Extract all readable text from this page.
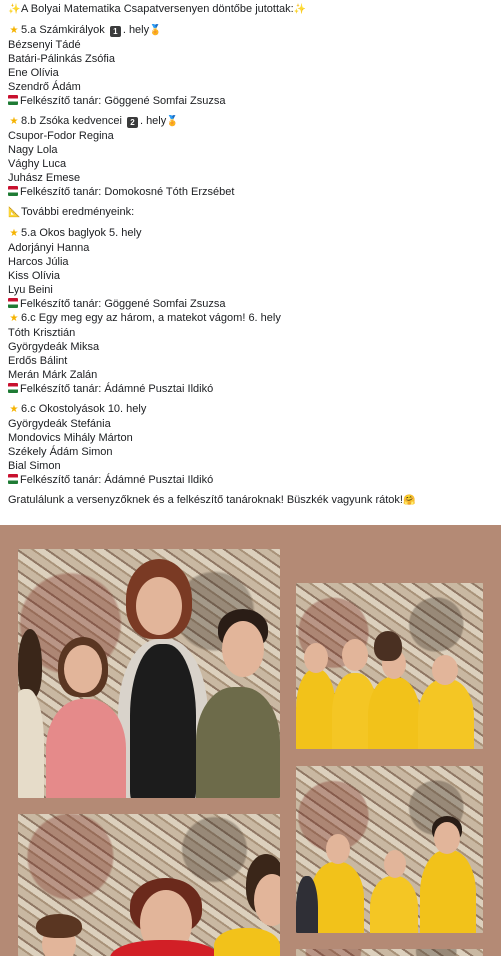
✨A Bolyai Matematika Csapatversenyen döntőbe jutottak:✨
★ 5.a Számkirályok 1 . hely🏅
Bézsenyi Tádé
Batári-Pálinkás Zsófia
Ene Olívia
Szendrő Ádám
Felkészítő tanár: Göggené Somfai Zsuzsa
★ 8.b Zsóka kedvencei 2 . hely🏅
Csupor-Fodor Regina
Nagy Lola
Vághy Luca
Juhász Emese
Felkészítő tanár: Domokosné Tóth Erzsébet
📐További eredményeink:
★ 5.a Okos baglyok 5. hely
Adorjányi Hanna
Harcos Júlia
Kiss Olívia
Lyu Beini
Felkészítő tanár: Göggené Somfai Zsuzsa
★ 6.c Egy meg egy az három, a matekot vágom! 6. hely
Tóth Krisztián
Györgydeák Miksa
Erdős Bálint
Merán Márk Zalán
Felkészítő tanár: Ádámné Pusztai Ildikó
★ 6.c Okostolyások 10. hely
Györgydeák Stefánia
Mondovics Mihály Márton
Székely Ádám Simon
Bial Simon
Felkészítő tanár: Ádámné Pusztai Ildikó
Gratulálunk a versenyzőknek és a felkészítő tanároknak! Büszkék vagyunk rátok!🤗
